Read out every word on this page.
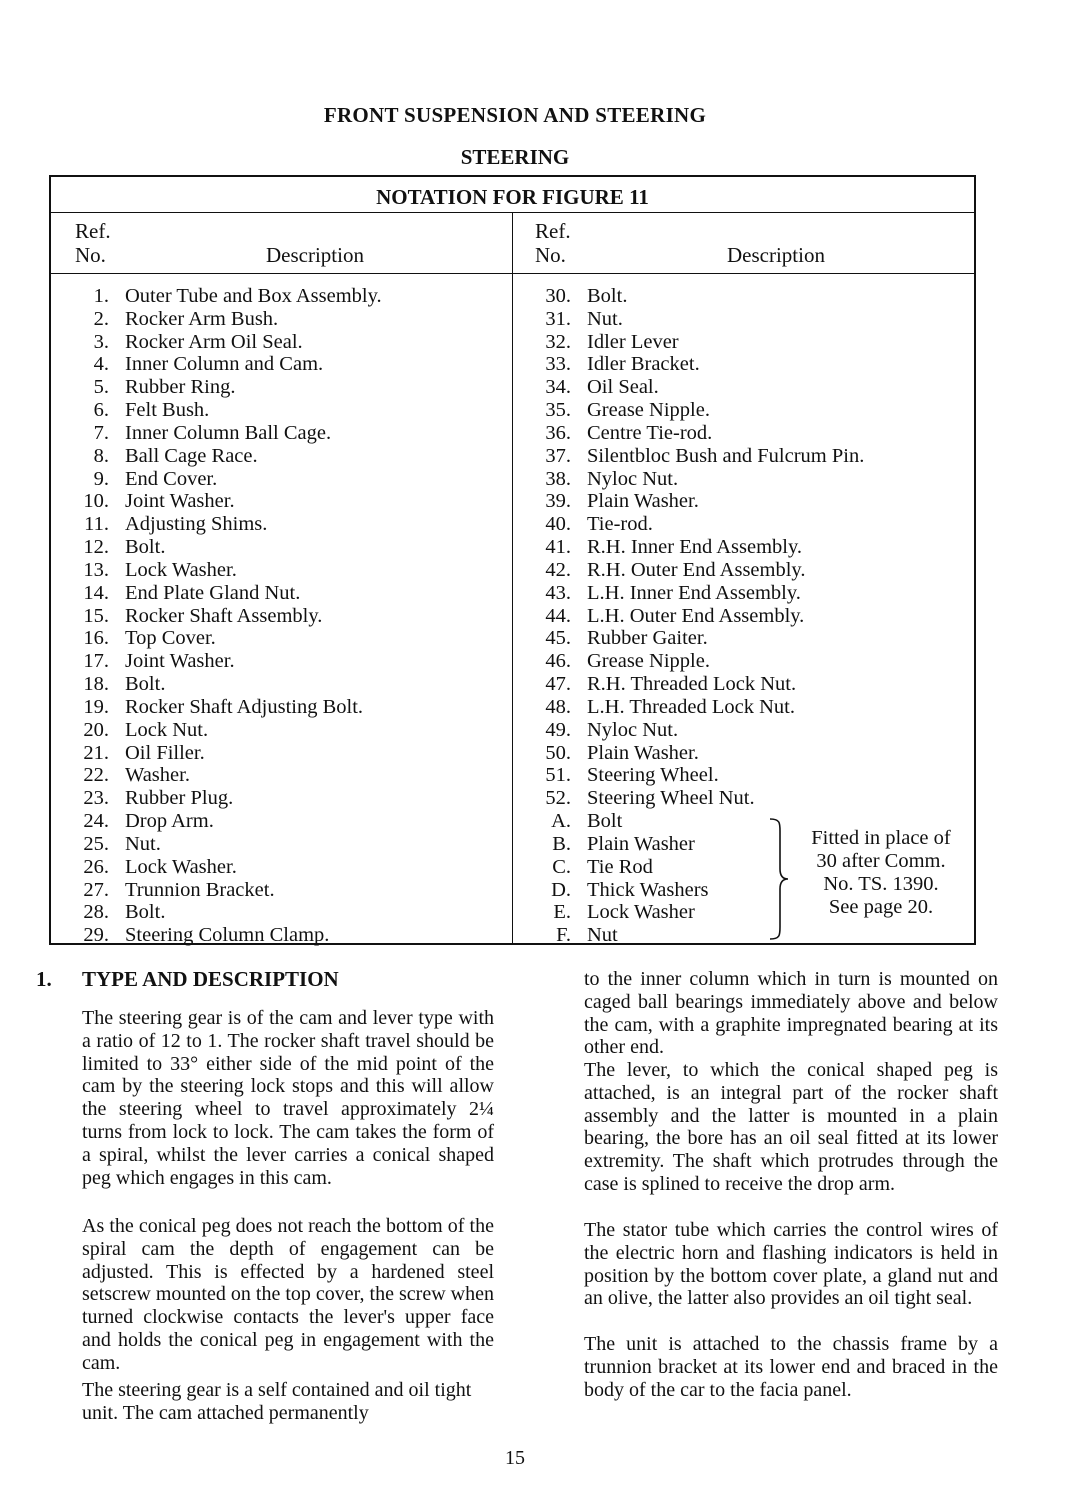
FRONT SUSPENSION AND STEERING
STEERING
NOTATION FOR FIGURE 11
Ref.
No.	Description
Ref.
No.	Description
1. Outer Tube and Box Assembly.
2. Rocker Arm Bush.
3. Rocker Arm Oil Seal.
4. Inner Column and Cam.
5. Rubber Ring.
6. Felt Bush.
7. Inner Column Ball Cage.
8. Ball Cage Race.
9. End Cover.
10. Joint Washer.
11. Adjusting Shims.
12. Bolt.
13. Lock Washer.
14. End Plate Gland Nut.
15. Rocker Shaft Assembly.
16. Top Cover.
17. Joint Washer.
18. Bolt.
19. Rocker Shaft Adjusting Bolt.
20. Lock Nut.
21. Oil Filler.
22. Washer.
23. Rubber Plug.
24. Drop Arm.
25. Nut.
26. Lock Washer.
27. Trunnion Bracket.
28. Bolt.
29. Steering Column Clamp.
30. Bolt.
31. Nut.
32. Idler Lever
33. Idler Bracket.
34. Oil Seal.
35. Grease Nipple.
36. Centre Tie-rod.
37. Silentbloc Bush and Fulcrum Pin.
38. Nyloc Nut.
39. Plain Washer.
40. Tie-rod.
41. R.H. Inner End Assembly.
42. R.H. Outer End Assembly.
43. L.H. Inner End Assembly.
44. L.H. Outer End Assembly.
45. Rubber Gaiter.
46. Grease Nipple.
47. R.H. Threaded Lock Nut.
48. L.H. Threaded Lock Nut.
49. Nyloc Nut.
50. Plain Washer.
51. Steering Wheel.
52. Steering Wheel Nut.
A. Bolt
B. Plain Washer
C. Tie Rod
D. Thick Washers
E. Lock Washer
F. Nut
Fitted in place of
30 after Comm.
No. TS. 1390.
See page 20.
1. TYPE AND DESCRIPTION

The steering gear is of the cam and lever type with a ratio of 12 to 1. The rocker shaft travel should be limited to 33° either side of the mid point of the cam by the steering lock stops and this will allow the steering wheel to travel approximately 2¼ turns from lock to lock. The cam takes the form of a spiral, whilst the lever carries a conical shaped peg which engages in this cam.

As the conical peg does not reach the bottom of the spiral cam the depth of engagement can be adjusted. This is effected by a hardened steel setscrew mounted on the top cover, the screw when turned clockwise contacts the lever's upper face and holds the conical peg in engagement with the cam.

The steering gear is a self contained and oil tight unit. The cam attached permanently

to the inner column which in turn is mounted on caged ball bearings immediately above and below the cam, with a graphite impregnated bearing at its other end.

The lever, to which the conical shaped peg is attached, is an integral part of the rocker shaft assembly and the latter is mounted in a plain bearing, the bore has an oil seal fitted at its lower extremity. The shaft which protrudes through the case is splined to receive the drop arm.

The stator tube which carries the control wires of the electric horn and flashing indicators is held in position by the bottom cover plate, a gland nut and an olive, the latter also provides an oil tight seal.

The unit is attached to the chassis frame by a trunnion bracket at its lower end and braced in the body of the car to the facia panel.

15
